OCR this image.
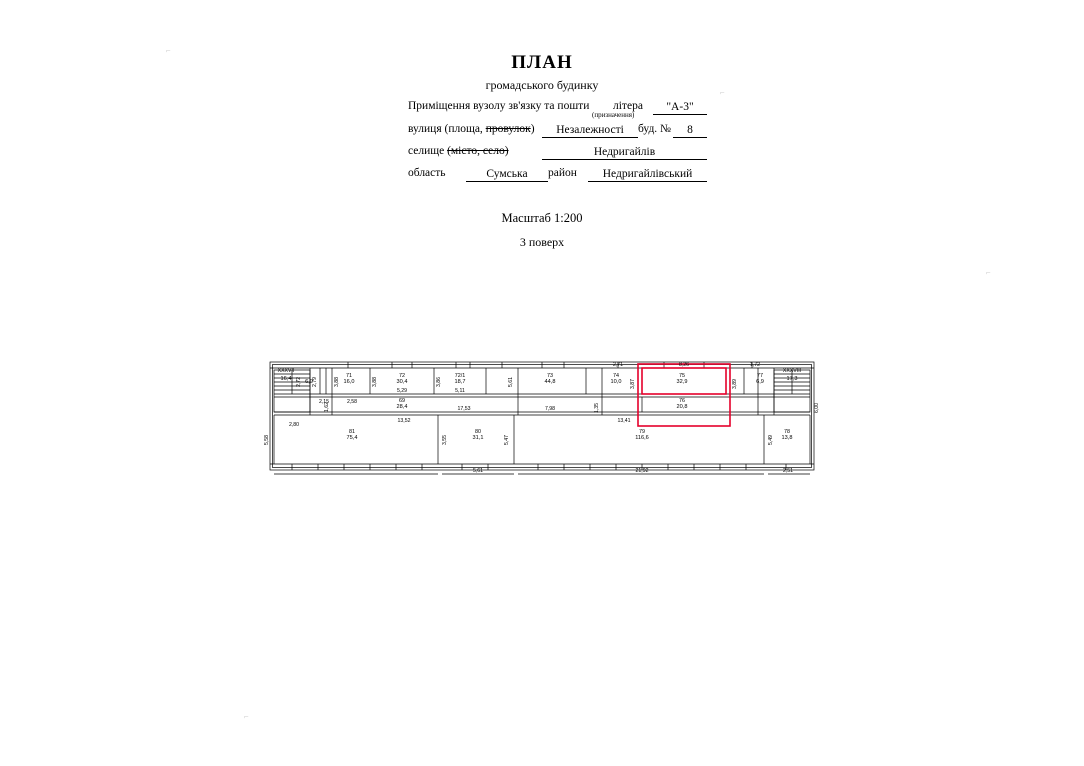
ПЛАН
громадського будинку
Приміщення вузолу зв'язку та пошти літера
(призначення)
"А-3"
вулиця (площа, провулок)	Незалежності	буд. №	8
селище (місто, село)	Недригайлів
область	Сумська	район	Недригайлівський
Масштаб 1:200
3 поверх
XXXVII	XXXVIII
16,4	17,3
6,9
71
16,0
72
30,4
72/1
18,7
73
44,8
74
10,0
75
32,9
77
6,9
69
28,4
76
20,8
81
75,4
80
31,1
79
116,6
78
13,8
2,80
2,15	2,58
5,29	5,11
13,52
17,53	7,98
13,41
2,71	8,26	1,72
5,61	21,92	2,51
2,72 2,79
1,62
3,88	3,88	3,86	5,61
1,35
3,87	3,89
6,00
5,58	3,55	5,47	5,49
⌐
⌐
⌐
⌐
